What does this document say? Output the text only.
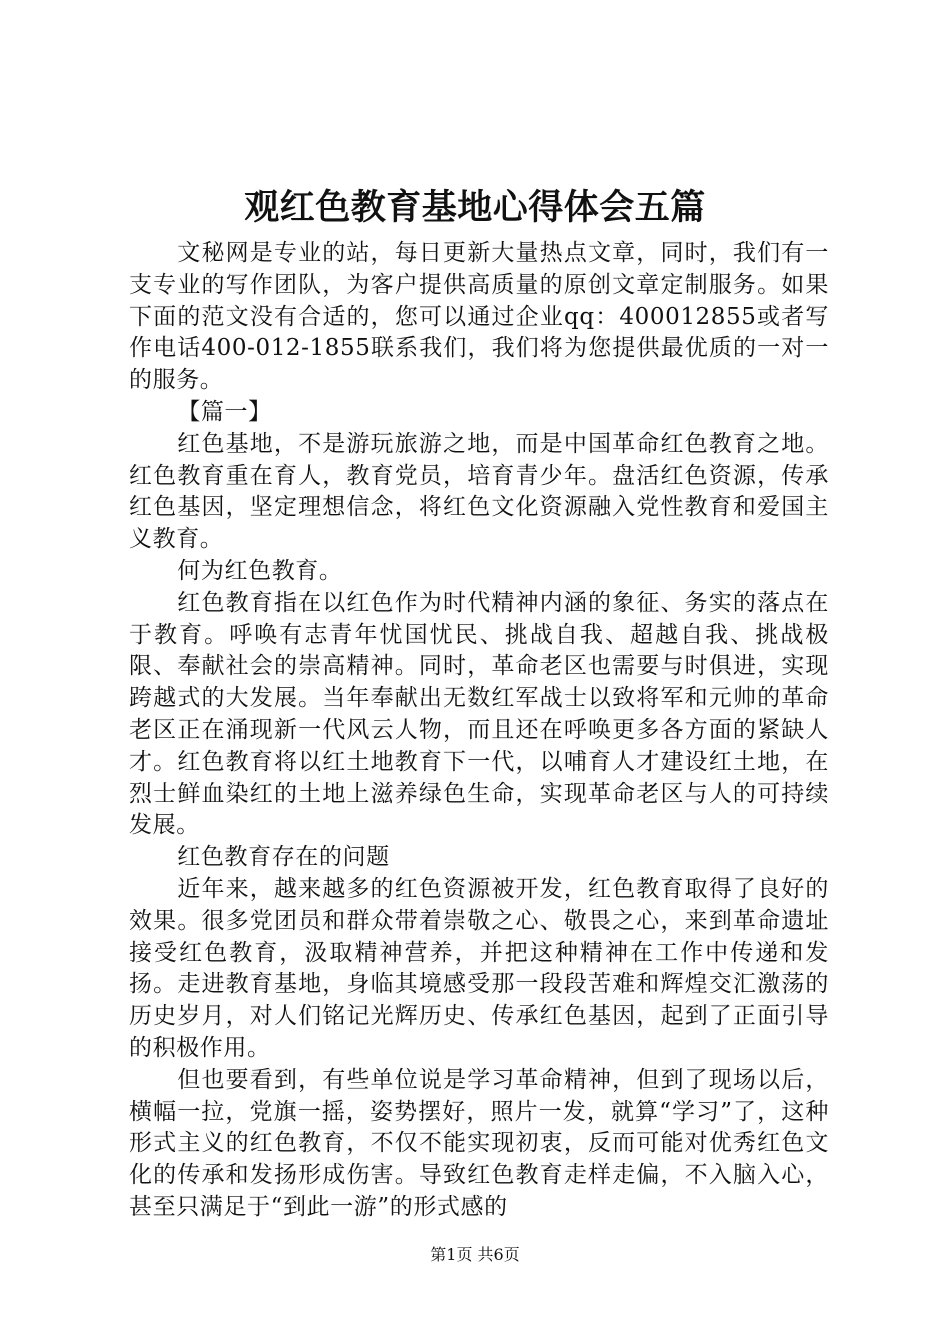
观红色教育基地心得体会五篇

文秘网是专业的站，每日更新大量热点文章，同时，我们有一支专业的写作团队，为客户提供高质量的原创文章定制服务。如果下面的范文没有合适的，您可以通过企业qq：400012855或者写作电话400-012-1855联系我们，我们将为您提供最优质的一对一的服务。

【篇一】

红色基地，不是游玩旅游之地，而是中国革命红色教育之地。红色教育重在育人，教育党员，培育青少年。盘活红色资源，传承红色基因，坚定理想信念，将红色文化资源融入党性教育和爱国主义教育。

何为红色教育。

红色教育指在以红色作为时代精神内涵的象征、务实的落点在于教育。呼唤有志青年忧国忧民、挑战自我、超越自我、挑战极限、奉献社会的崇高精神。同时，革命老区也需要与时俱进，实现跨越式的大发展。当年奉献出无数红军战士以致将军和元帅的革命老区正在涌现新一代风云人物，而且还在呼唤更多各方面的紧缺人才。红色教育将以红土地教育下一代，以哺育人才建设红土地，在烈士鲜血染红的土地上滋养绿色生命，实现革命老区与人的可持续发展。

红色教育存在的问题

近年来，越来越多的红色资源被开发，红色教育取得了良好的效果。很多党团员和群众带着崇敬之心、敬畏之心，来到革命遗址接受红色教育，汲取精神营养，并把这种精神在工作中传递和发扬。走进教育基地，身临其境感受那一段段苦难和辉煌交汇激荡的历史岁月，对人们铭记光辉历史、传承红色基因，起到了正面引导的积极作用。

但也要看到，有些单位说是学习革命精神，但到了现场以后，横幅一拉，党旗一摇，姿势摆好，照片一发，就算“学习”了，这种形式主义的红色教育，不仅不能实现初衷，反而可能对优秀红色文化的传承和发扬形成伤害。导致红色教育走样走偏，不入脑入心，甚至只满足于“到此一游”的形式感的

第1页 共6页
